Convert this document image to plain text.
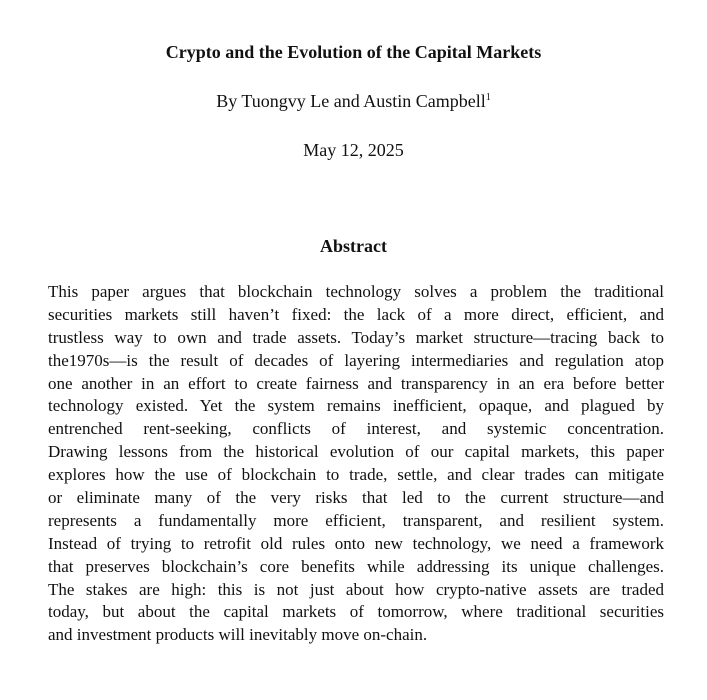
Crypto and the Evolution of the Capital Markets
By Tuongvy Le and Austin Campbell$^1$
May 12, 2025
Abstract
This paper argues that blockchain technology solves a problem the traditional
securities markets still haven’t fixed: the lack of a more direct, efficient, and
trustless way to own and trade assets. Today’s market structure—tracing back to
the1970s—is the result of decades of layering intermediaries and regulation atop
one another in an effort to create fairness and transparency in an era before better
technology existed. Yet the system remains inefficient, opaque, and plagued by
entrenched rent-seeking, conflicts of interest, and systemic concentration.
Drawing lessons from the historical evolution of our capital markets, this paper
explores how the use of blockchain to trade, settle, and clear trades can mitigate
or eliminate many of the very risks that led to the current structure—and
represents a fundamentally more efficient, transparent, and resilient system.
Instead of trying to retrofit old rules onto new technology, we need a framework
that preserves blockchain’s core benefits while addressing its unique challenges.
The stakes are high: this is not just about how crypto-native assets are traded
today, but about the capital markets of tomorrow, where traditional securities
and investment products will inevitably move on-chain.
